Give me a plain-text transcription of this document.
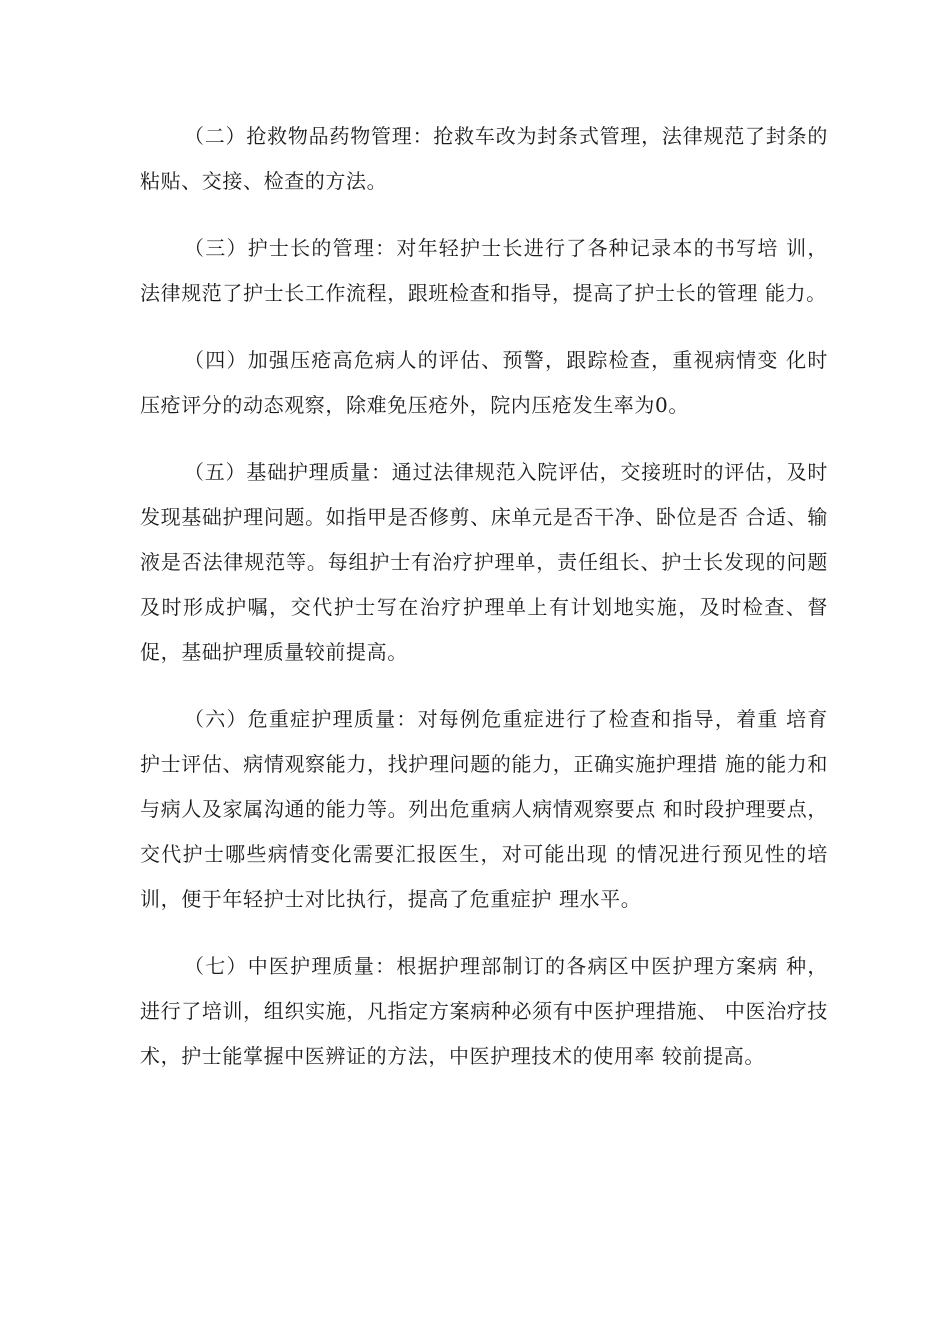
（二）抢救物品药物管理：抢救车改为封条式管理，法律规范了封条的粘贴、交接、检查的方法。

（三）护士长的管理：对年轻护士长进行了各种记录本的书写培 训，法律规范了护士长工作流程，跟班检查和指导，提高了护士长的管理 能力。

（四）加强压疮高危病人的评估、预警，跟踪检查，重视病情变 化时压疮评分的动态观察，除难免压疮外，院内压疮发生率为0。

（五）基础护理质量：通过法律规范入院评估，交接班时的评估，及时发现基础护理问题。如指甲是否修剪、床单元是否干净、卧位是否 合适、输液是否法律规范等。每组护士有治疗护理单，责任组长、护士长发现的问题及时形成护嘱，交代护士写在治疗护理单上有计划地实施，及时检查、督促，基础护理质量较前提高。

（六）危重症护理质量：对每例危重症进行了检查和指导，着重 培育护士评估、病情观察能力，找护理问题的能力，正确实施护理措 施的能力和与病人及家属沟通的能力等。列出危重病人病情观察要点 和时段护理要点，交代护士哪些病情变化需要汇报医生，对可能出现 的情况进行预见性的培训，便于年轻护士对比执行，提高了危重症护 理水平。

（七）中医护理质量：根据护理部制订的各病区中医护理方案病 种，进行了培训，组织实施，凡指定方案病种必须有中医护理措施、 中医治疗技术，护士能掌握中医辨证的方法，中医护理技术的使用率 较前提高。
